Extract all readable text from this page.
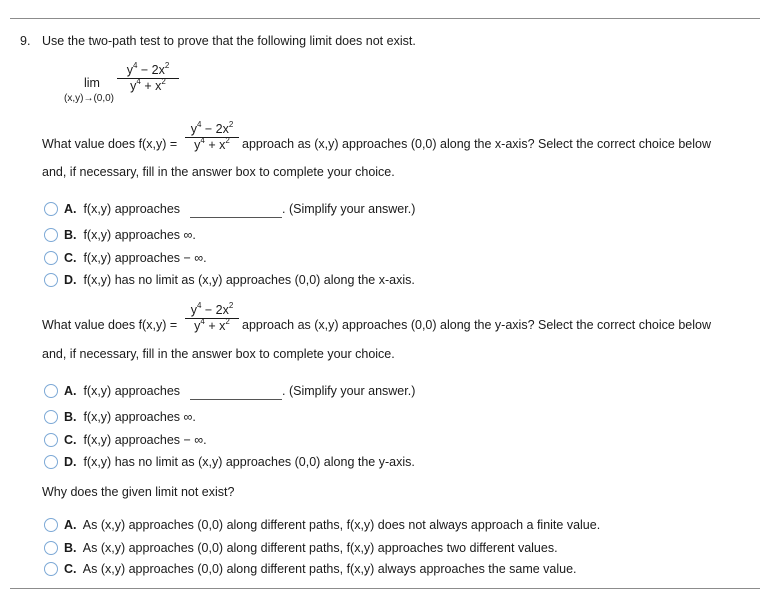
9. Use the two-path test to prove that the following limit does not exist.
lim
(x,y)→(0,0)
$y^4 - 2x^2$
$y^4 + x^2$
What value does f(x,y) =
$y^4 - 2x^2$
$y^4 + x^2$ approach as (x,y) approaches (0,0) along the x-axis? Select the correct choice below
and, if necessary, fill in the answer box to complete your choice.
A. f(x,y) approaches	. (Simplify your answer.)
B. f(x,y) approaches ∞.
C. f(x,y) approaches − ∞.
D. f(x,y) has no limit as (x,y) approaches (0,0) along the x-axis.
What value does f(x,y) =
$y^4 - 2x^2$
$y^4 + x^2$ approach as (x,y) approaches (0,0) along the y-axis? Select the correct choice below
and, if necessary, fill in the answer box to complete your choice.
A. f(x,y) approaches	. (Simplify your answer.)
B. f(x,y) approaches ∞.
C. f(x,y) approaches − ∞.
D. f(x,y) has no limit as (x,y) approaches (0,0) along the y-axis.
Why does the given limit not exist?
A. As (x,y) approaches (0,0) along different paths, f(x,y) does not always approach a finite value.
B. As (x,y) approaches (0,0) along different paths, f(x,y) approaches two different values.
C. As (x,y) approaches (0,0) along different paths, f(x,y) always approaches the same value.
